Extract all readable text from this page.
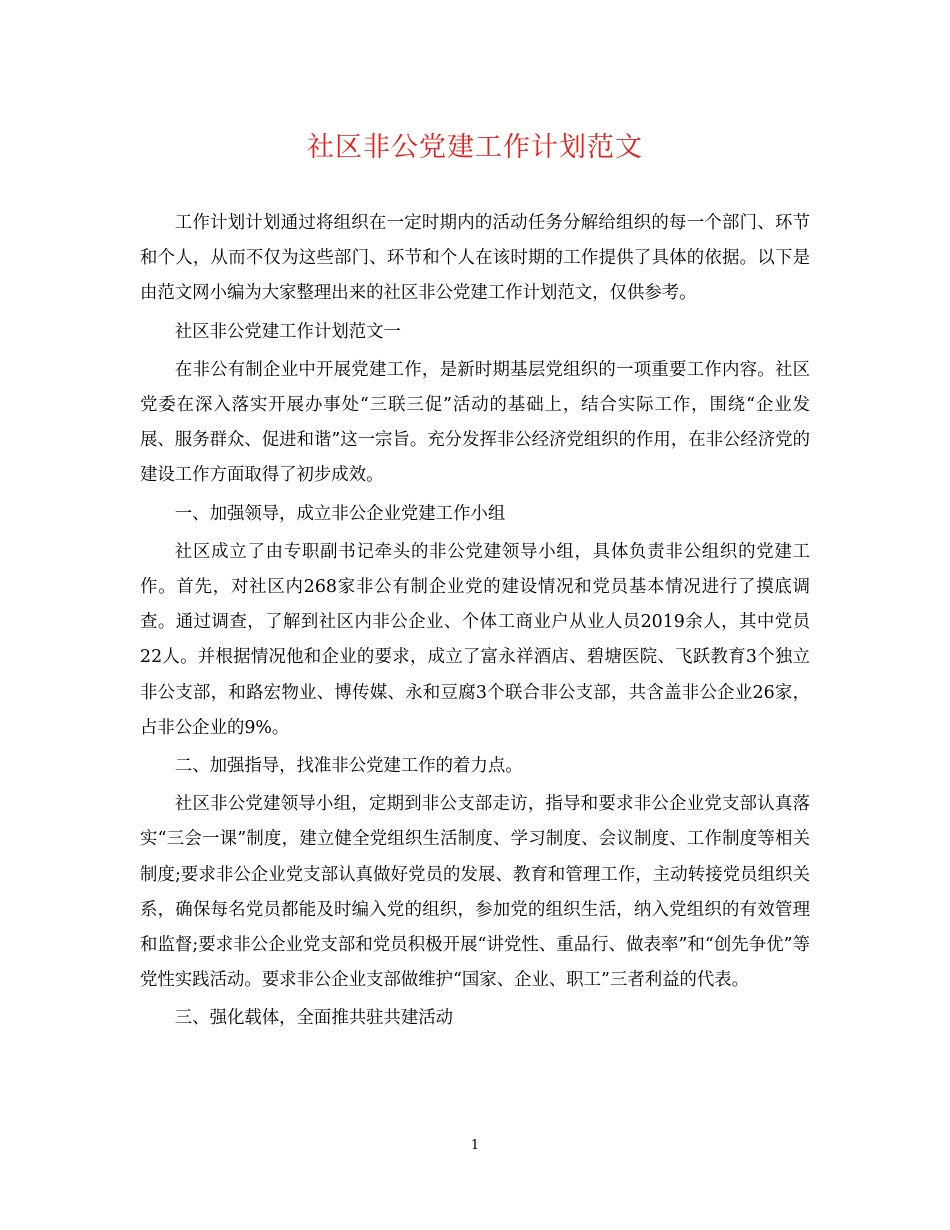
社区非公党建工作计划范文

工作计划计划通过将组织在一定时期内的活动任务分解给组织的每一个部门、环节和个人，从而不仅为这些部门、环节和个人在该时期的工作提供了具体的依据。以下是由范文网小编为大家整理出来的社区非公党建工作计划范文，仅供参考。

社区非公党建工作计划范文一

在非公有制企业中开展党建工作，是新时期基层党组织的一项重要工作内容。社区党委在深入落实开展办事处“三联三促”活动的基础上，结合实际工作，围绕“企业发展、服务群众、促进和谐”这一宗旨。充分发挥非公经济党组织的作用，在非公经济党的建设工作方面取得了初步成效。

一、加强领导，成立非公企业党建工作小组

社区成立了由专职副书记牵头的非公党建领导小组，具体负责非公组织的党建工作。首先，对社区内268家非公有制企业党的建设情况和党员基本情况进行了摸底调查。通过调查，了解到社区内非公企业、个体工商业户从业人员2019余人，其中党员22人。并根据情况他和企业的要求，成立了富永祥酒店、碧塘医院、飞跃教育3个独立非公支部，和路宏物业、博传媒、永和豆腐3个联合非公支部，共含盖非公企业26家，占非公企业的9%。

二、加强指导，找准非公党建工作的着力点。

社区非公党建领导小组，定期到非公支部走访，指导和要求非公企业党支部认真落实“三会一课”制度，建立健全党组织生活制度、学习制度、会议制度、工作制度等相关制度;要求非公企业党支部认真做好党员的发展、教育和管理工作，主动转接党员组织关系，确保每名党员都能及时编入党的组织，参加党的组织生活，纳入党组织的有效管理和监督;要求非公企业党支部和党员积极开展“讲党性、重品行、做表率”和“创先争优”等党性实践活动。要求非公企业支部做维护“国家、企业、职工”三者利益的代表。

三、强化载体，全面推共驻共建活动

1
